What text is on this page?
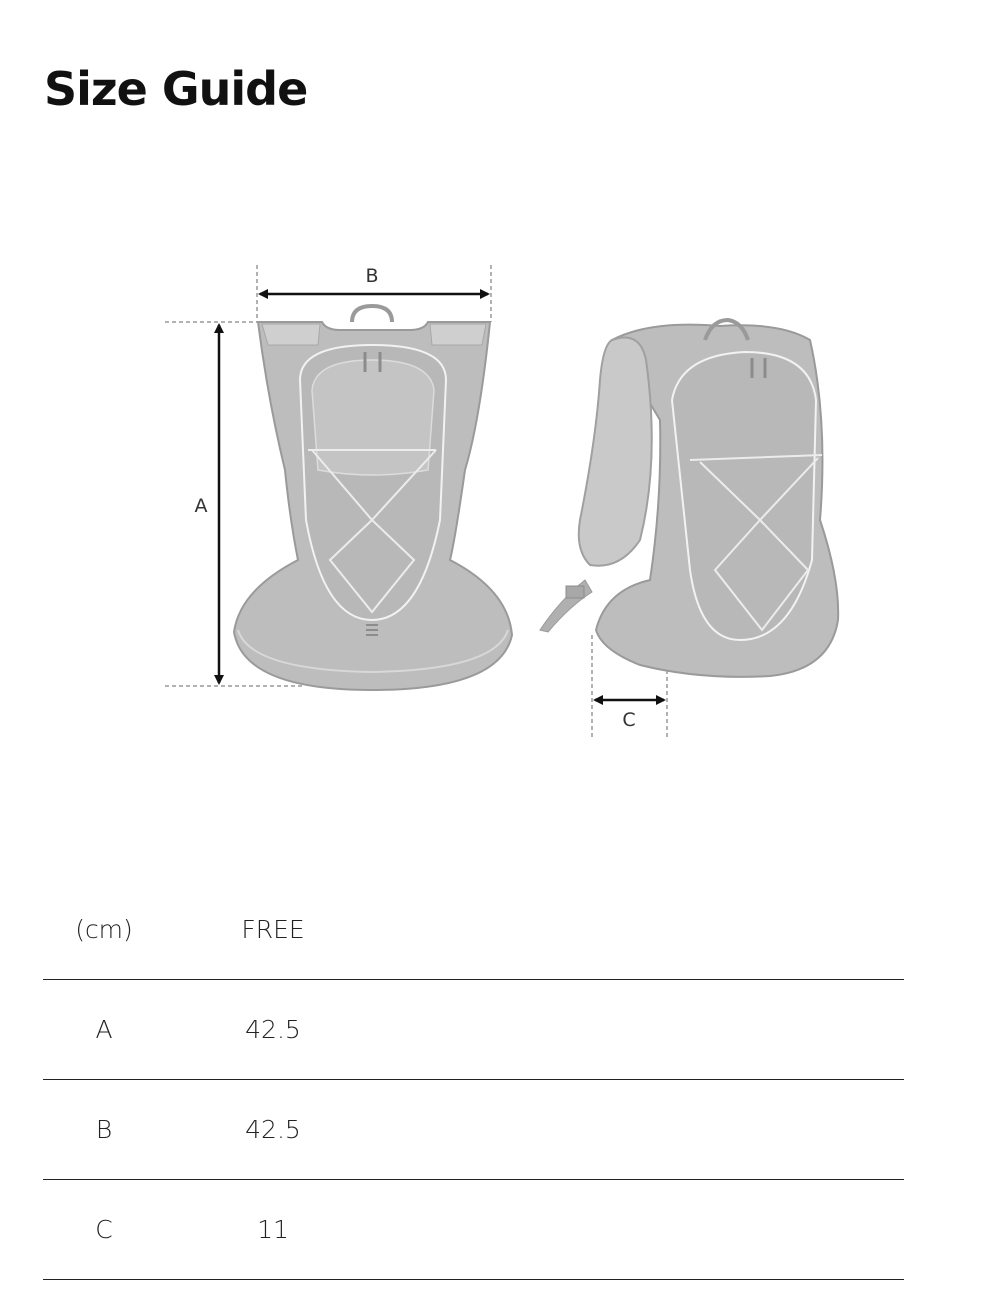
Size Guide
B
A
C
(cm)	FREE
A	42.5
B	42.5
C	11
